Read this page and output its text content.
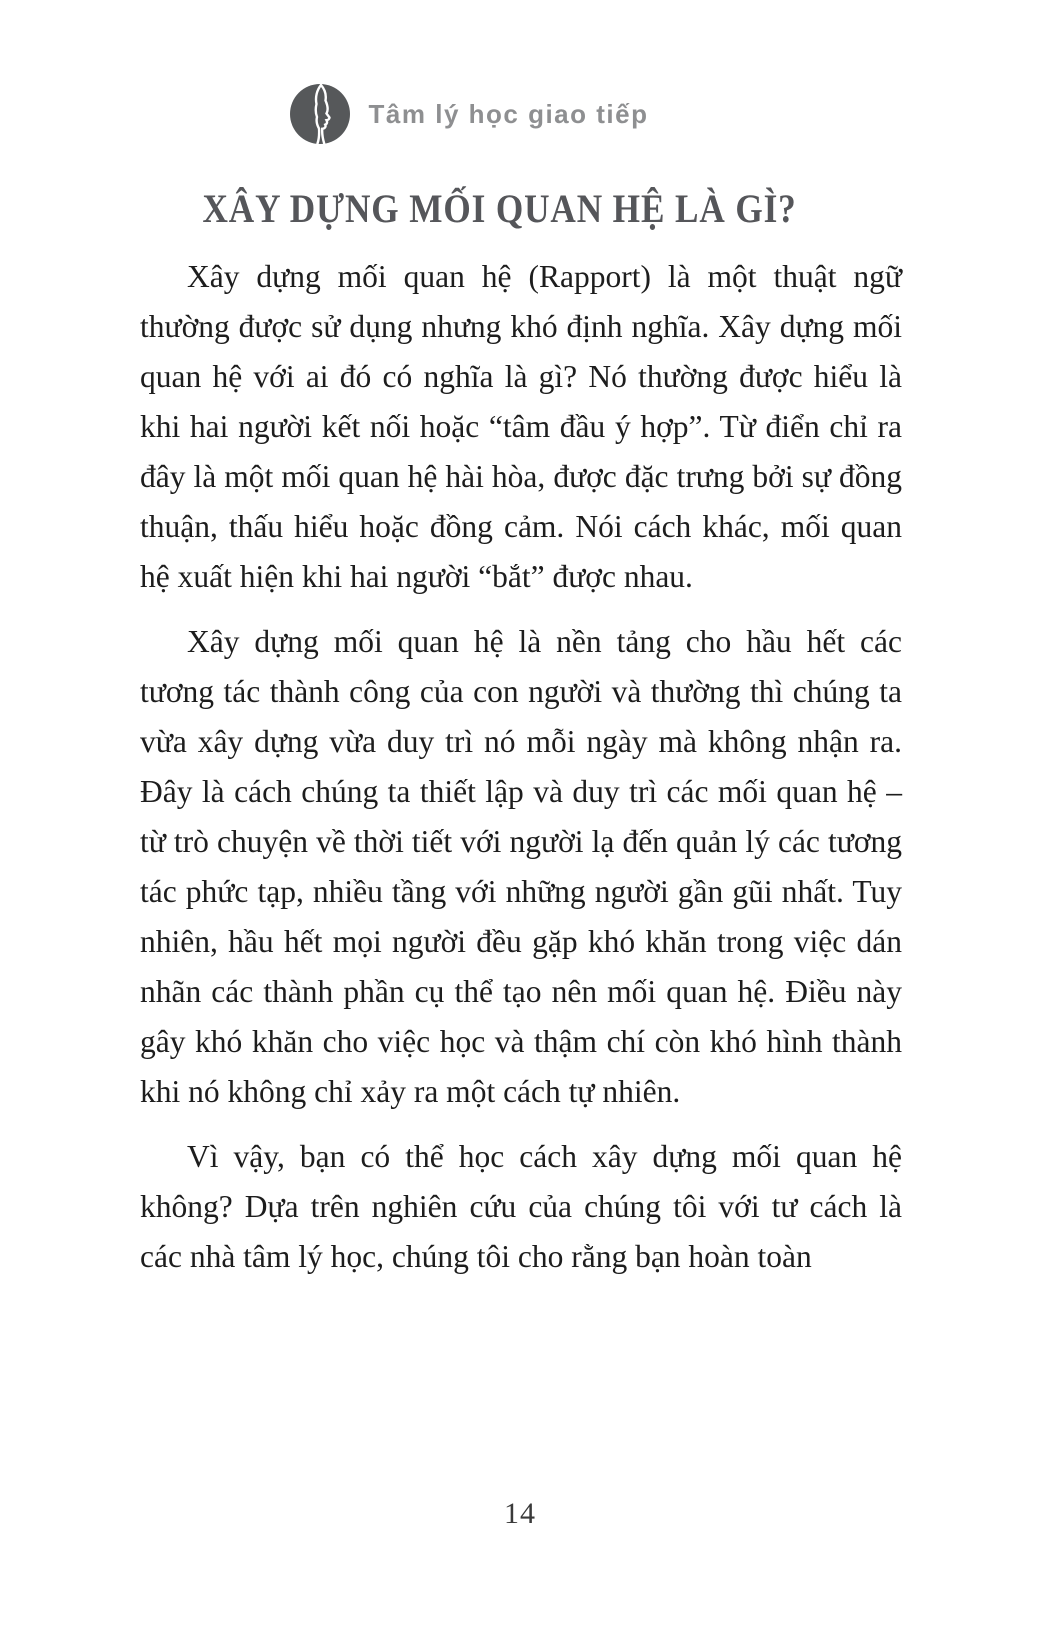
Tâm lý học giao tiếp
XÂY DỰNG MỐI QUAN HỆ LÀ GÌ?

Xây dựng mối quan hệ (Rapport) là một thuật ngữ thường được sử dụng nhưng khó định nghĩa. Xây dựng mối quan hệ với ai đó có nghĩa là gì? Nó thường được hiểu là khi hai người kết nối hoặc “tâm đầu ý hợp”. Từ điển chỉ ra đây là một mối quan hệ hài hòa, được đặc trưng bởi sự đồng thuận, thấu hiểu hoặc đồng cảm. Nói cách khác, mối quan hệ xuất hiện khi hai người “bắt” được nhau.

Xây dựng mối quan hệ là nền tảng cho hầu hết các tương tác thành công của con người và thường thì chúng ta vừa xây dựng vừa duy trì nó mỗi ngày mà không nhận ra. Đây là cách chúng ta thiết lập và duy trì các mối quan hệ – từ trò chuyện về thời tiết với người lạ đến quản lý các tương tác phức tạp, nhiều tầng với những người gần gũi nhất. Tuy nhiên, hầu hết mọi người đều gặp khó khăn trong việc dán nhãn các thành phần cụ thể tạo nên mối quan hệ. Điều này gây khó khăn cho việc học và thậm chí còn khó hình thành khi nó không chỉ xảy ra một cách tự nhiên.

Vì vậy, bạn có thể học cách xây dựng mối quan hệ không? Dựa trên nghiên cứu của chúng tôi với tư cách là các nhà tâm lý học, chúng tôi cho rằng bạn hoàn toàn

14
